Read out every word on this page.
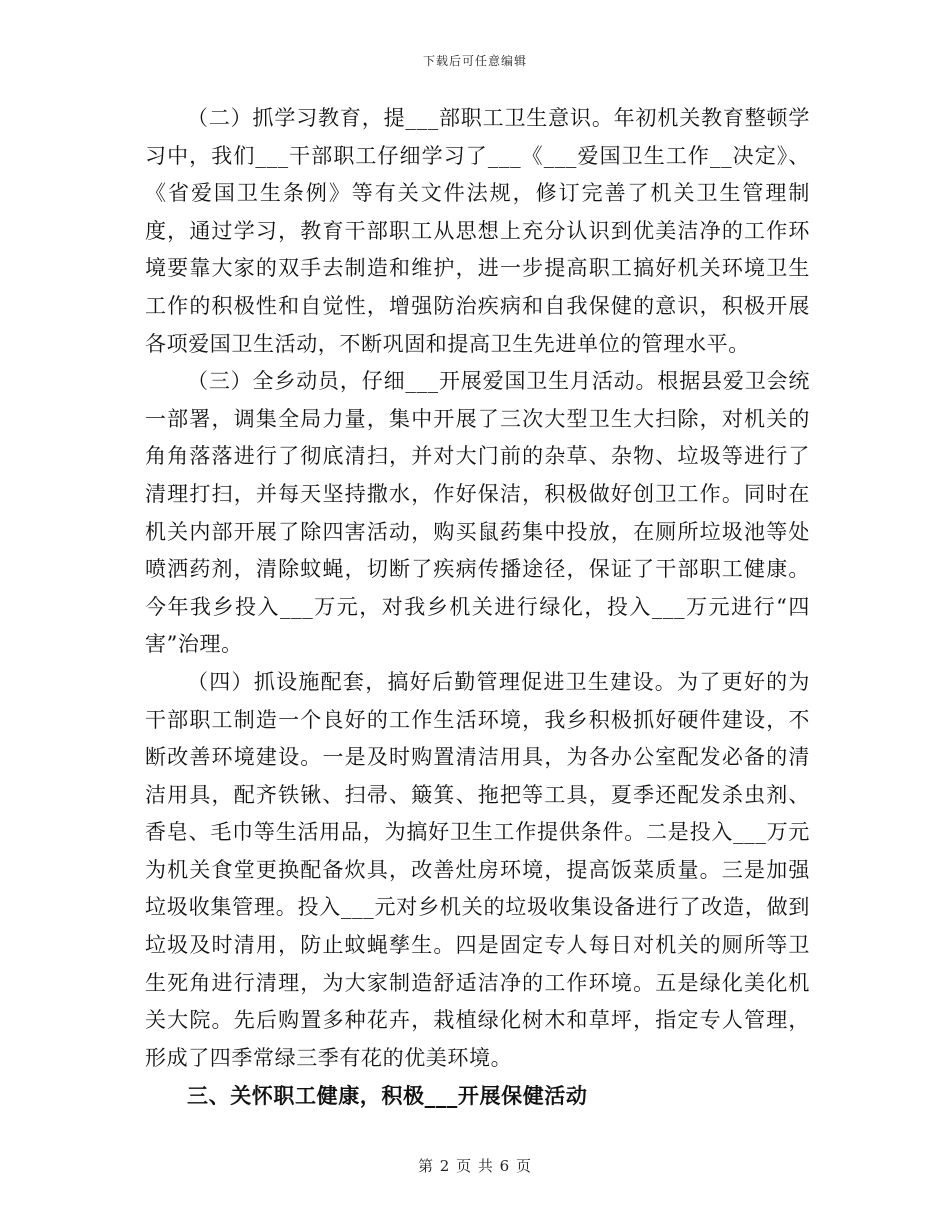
下载后可任意编辑

（二）抓学习教育，提___部职工卫生意识。年初机关教育整顿学习中，我们___干部职工仔细学习了___《___爱国卫生工作__决定》、《省爱国卫生条例》等有关文件法规，修订完善了机关卫生管理制度，通过学习，教育干部职工从思想上充分认识到优美洁净的工作环境要靠大家的双手去制造和维护，进一步提高职工搞好机关环境卫生工作的积极性和自觉性，增强防治疾病和自我保健的意识，积极开展各项爱国卫生活动，不断巩固和提高卫生先进单位的管理水平。

（三）全乡动员，仔细___开展爱国卫生月活动。根据县爱卫会统一部署，调集全局力量，集中开展了三次大型卫生大扫除，对机关的角角落落进行了彻底清扫，并对大门前的杂草、杂物、垃圾等进行了清理打扫，并每天坚持撒水，作好保洁，积极做好创卫工作。同时在机关内部开展了除四害活动，购买鼠药集中投放，在厕所垃圾池等处喷洒药剂，清除蚊蝇，切断了疾病传播途径，保证了干部职工健康。今年我乡投入___万元，对我乡机关进行绿化，投入___万元进行“四害”治理。

（四）抓设施配套，搞好后勤管理促进卫生建设。为了更好的为干部职工制造一个良好的工作生活环境，我乡积极抓好硬件建设，不断改善环境建设。一是及时购置清洁用具，为各办公室配发必备的清洁用具，配齐铁锹、扫帚、簸箕、拖把等工具，夏季还配发杀虫剂、香皂、毛巾等生活用品，为搞好卫生工作提供条件。二是投入___万元为机关食堂更换配备炊具，改善灶房环境，提高饭菜质量。三是加强垃圾收集管理。投入___元对乡机关的垃圾收集设备进行了改造，做到垃圾及时清用，防止蚊蝇孳生。四是固定专人每日对机关的厕所等卫生死角进行清理，为大家制造舒适洁净的工作环境。五是绿化美化机关大院。先后购置多种花卉，栽植绿化树木和草坪，指定专人管理，形成了四季常绿三季有花的优美环境。

三、关怀职工健康，积极___开展保健活动

第 2 页 共 6 页
